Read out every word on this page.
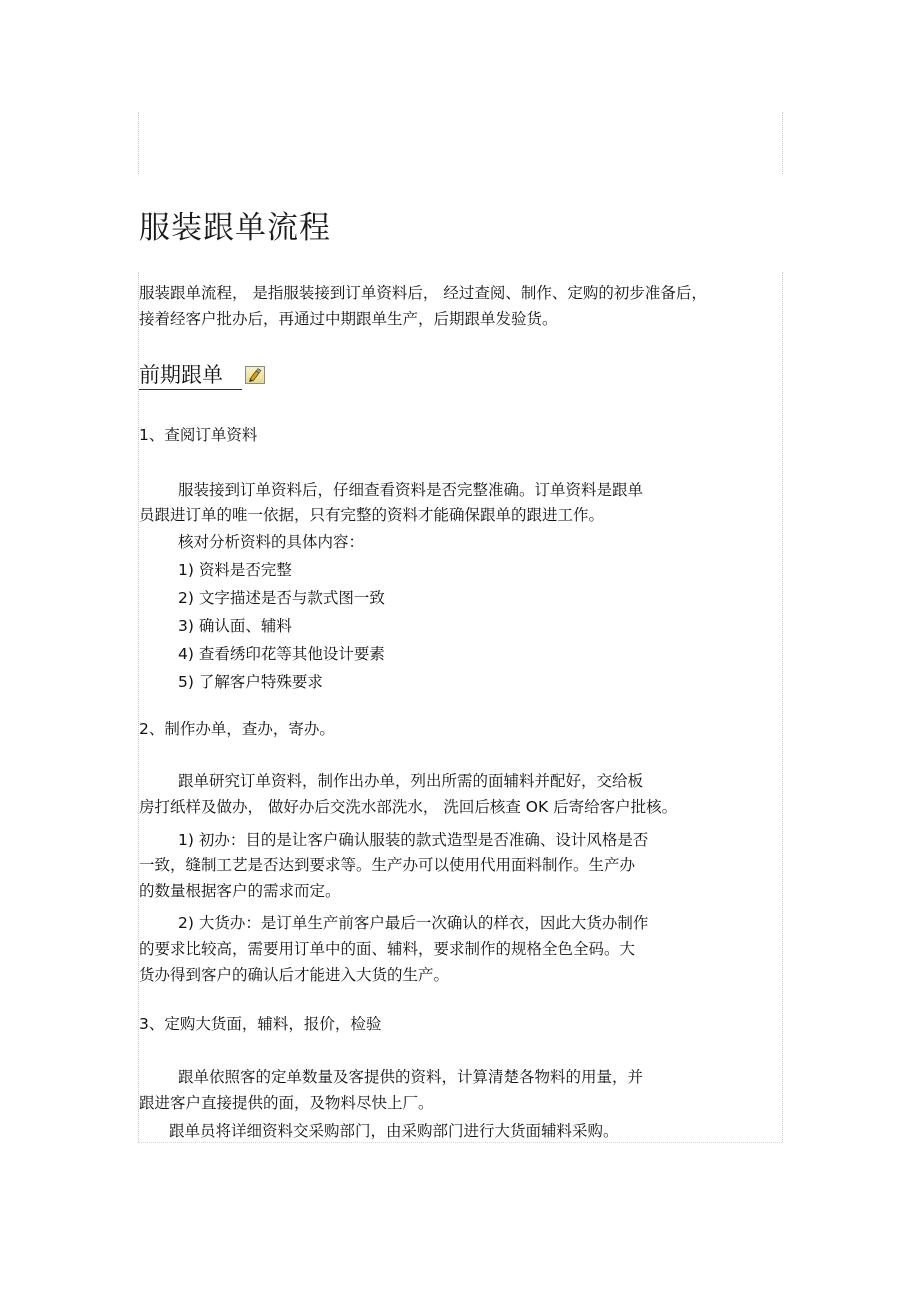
服装跟单流程
服装跟单流程， 是指服装接到订单资料后， 经过查阅、制作、定购的初步准备后，
接着经客户批办后，再通过中期跟单生产，后期跟单发验货。
前期跟单
1、查阅订单资料
服装接到订单资料后，仔细查看资料是否完整准确。订单资料是跟单
员跟进订单的唯一依据，只有完整的资料才能确保跟单的跟进工作。
核对分析资料的具体内容：
1) 资料是否完整
2) 文字描述是否与款式图一致
3) 确认面、辅料
4) 查看绣印花等其他设计要素
5) 了解客户特殊要求
2、制作办单，查办，寄办。
跟单研究订单资料，制作出办单，列出所需的面辅料并配好，交给板
房打纸样及做办， 做好办后交洗水部洗水， 洗回后核查 OK 后寄给客户批核。
1) 初办：目的是让客户确认服装的款式造型是否准确、设计风格是否
一致，缝制工艺是否达到要求等。生产办可以使用代用面料制作。生产办
的数量根据客户的需求而定。
2) 大货办：是订单生产前客户最后一次确认的样衣，因此大货办制作
的要求比较高，需要用订单中的面、辅料，要求制作的规格全色全码。大
货办得到客户的确认后才能进入大货的生产。
3、定购大货面，辅料，报价，检验
跟单依照客的定单数量及客提供的资料，计算清楚各物料的用量，并
跟进客户直接提供的面，及物料尽快上厂。
跟单员将详细资料交采购部门，由采购部门进行大货面辅料采购。
